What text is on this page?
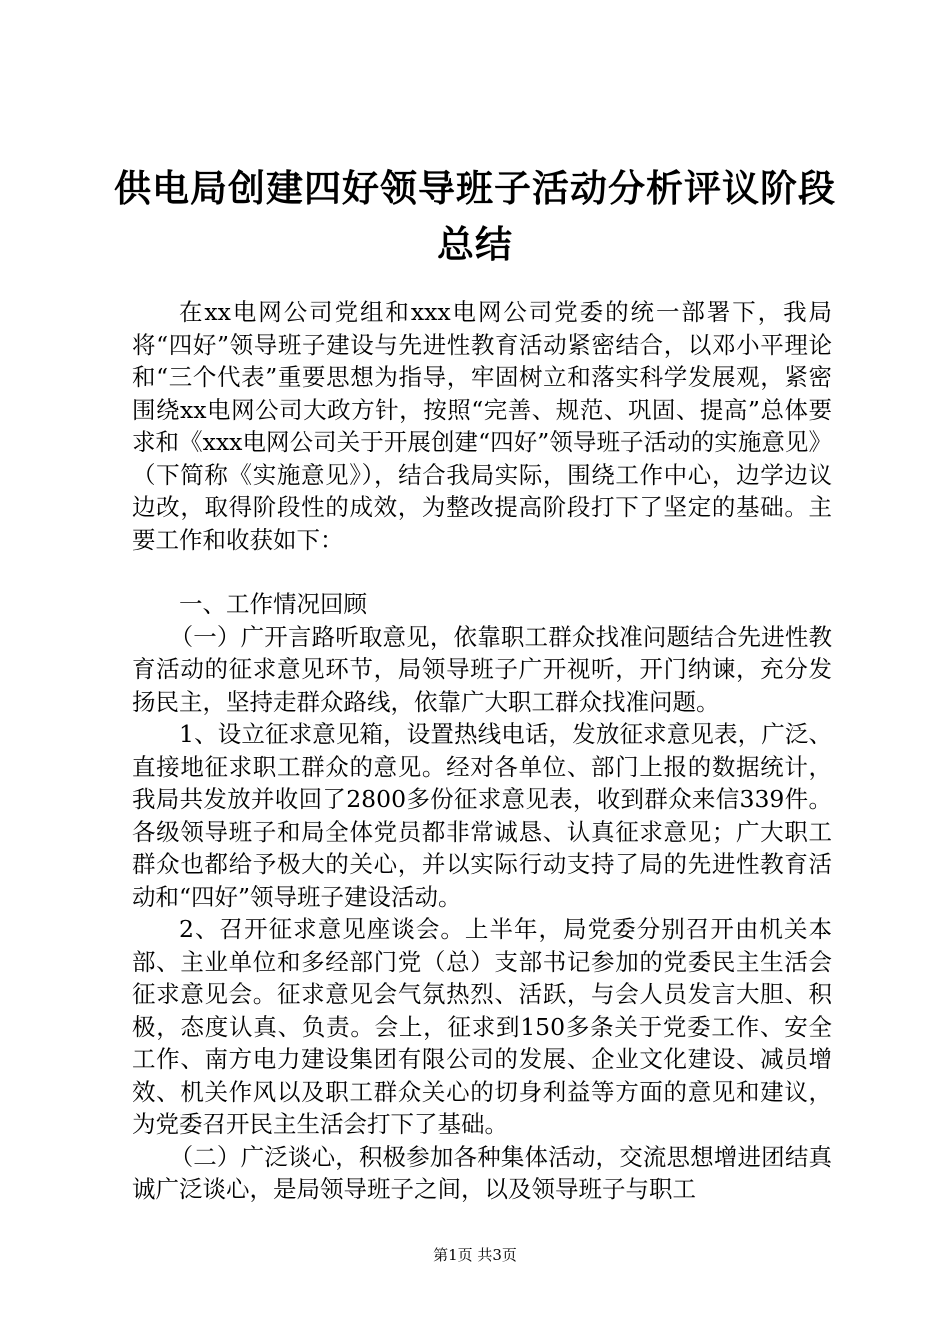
供电局创建四好领导班子活动分析评议阶段总结

在xx电网公司党组和xxx电网公司党委的统一部署下，我局将“四好”领导班子建设与先进性教育活动紧密结合，以邓小平理论和“三个代表”重要思想为指导，牢固树立和落实科学发展观，紧密围绕xx电网公司大政方针，按照“完善、规范、巩固、提高”总体要求和《xxx电网公司关于开展创建“四好”领导班子活动的实施意见》（下简称《实施意见》），结合我局实际，围绕工作中心，边学边议边改，取得阶段性的成效，为整改提高阶段打下了坚定的基础。主要工作和收获如下：

一、工作情况回顾

（一）广开言路听取意见，依靠职工群众找准问题结合先进性教育活动的征求意见环节，局领导班子广开视听，开门纳谏，充分发扬民主，坚持走群众路线，依靠广大职工群众找准问题。

1、设立征求意见箱，设置热线电话，发放征求意见表，广泛、直接地征求职工群众的意见。经对各单位、部门上报的数据统计，我局共发放并收回了2800多份征求意见表，收到群众来信339件。各级领导班子和局全体党员都非常诚恳、认真征求意见；广大职工群众也都给予极大的关心，并以实际行动支持了局的先进性教育活动和“四好”领导班子建设活动。

2、召开征求意见座谈会。上半年，局党委分别召开由机关本部、主业单位和多经部门党（总）支部书记参加的党委民主生活会征求意见会。征求意见会气氛热烈、活跃，与会人员发言大胆、积极，态度认真、负责。会上，征求到150多条关于党委工作、安全工作、南方电力建设集团有限公司的发展、企业文化建设、减员增效、机关作风以及职工群众关心的切身利益等方面的意见和建议，为党委召开民主生活会打下了基础。

（二）广泛谈心，积极参加各种集体活动，交流思想增进团结真诚广泛谈心，是局领导班子之间，以及领导班子与职工

第1页 共3页
